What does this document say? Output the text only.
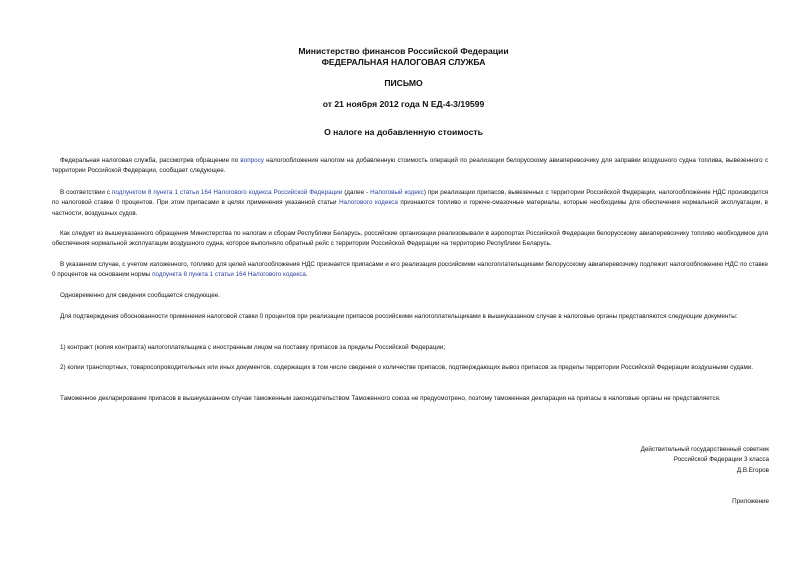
Министерство финансов Российской Федерации
ФЕДЕРАЛЬНАЯ НАЛОГОВАЯ СЛУЖБА
ПИСЬМО
от 21 ноября 2012 года N ЕД-4-3/19599
О налоге на добавленную стоимость
Федеральная налоговая служба, рассмотрев обращение по вопросу налогообложения налогом на добавленную стоимость операций по реализации белорусскому авиаперевозчику для заправки воздушного судна топлива, вывезенного с территории Российской Федерации, сообщает следующее.
В соответствии с подпунктом 8 пункта 1 статьи 164 Налогового кодекса Российской Федерации (далее - Налоговый кодекс) при реализации припасов, вывезенных с территории Российской Федерации, налогообложение НДС производится по налоговой ставке 0 процентов. При этом припасами в целях применения указанной статьи Налогового кодекса признаются топливо и горюче-смазочные материалы, которые необходимы для обеспечения нормальной эксплуатации, в частности, воздушных судов.
Как следует из вышеуказанного обращения Министерства по налогам и сборам Республики Беларусь, российские организации реализовывали в аэропортах Российской Федерации белорусскому авиаперевозчику топливо необходимое для обеспечения нормальной эксплуатации воздушного судна, которое выполняло обратный рейс с территории Российской Федерации на территорию Республики Беларусь.
В указанном случае, с учетом изложенного, топливо для целей налогообложения НДС признается припасами и его реализация российскими налогоплательщиками белорусскому авиаперевозчику подлежит налогообложению НДС по ставке 0 процентов на основании нормы подпункта 8 пункта 1 статьи 164 Налогового кодекса.
Одновременно для сведения сообщается следующее.
Для подтверждения обоснованности применения налоговой ставки 0 процентов при реализации припасов российскими налогоплательщиками в вышеуказанном случае в налоговые органы представляются следующие документы:
1) контракт (копия контракта) налогоплательщика с иностранным лицом на поставку припасов за пределы Российской Федерации;
2) копии транспортных, товаросопроводительных или иных документов, содержащих в том числе сведения о количестве припасов, подтверждающих вывоз припасов за пределы территории Российской Федерации воздушными судами.
Таможенное декларирование припасов в вышеуказанном случае таможенным законодательством Таможенного союза не предусмотрено, поэтому таможенная декларация на припасы в налоговые органы не представляется.
Действительный государственный советник
Российской Федерации 3 класса
Д.В.Егоров
Приложение
